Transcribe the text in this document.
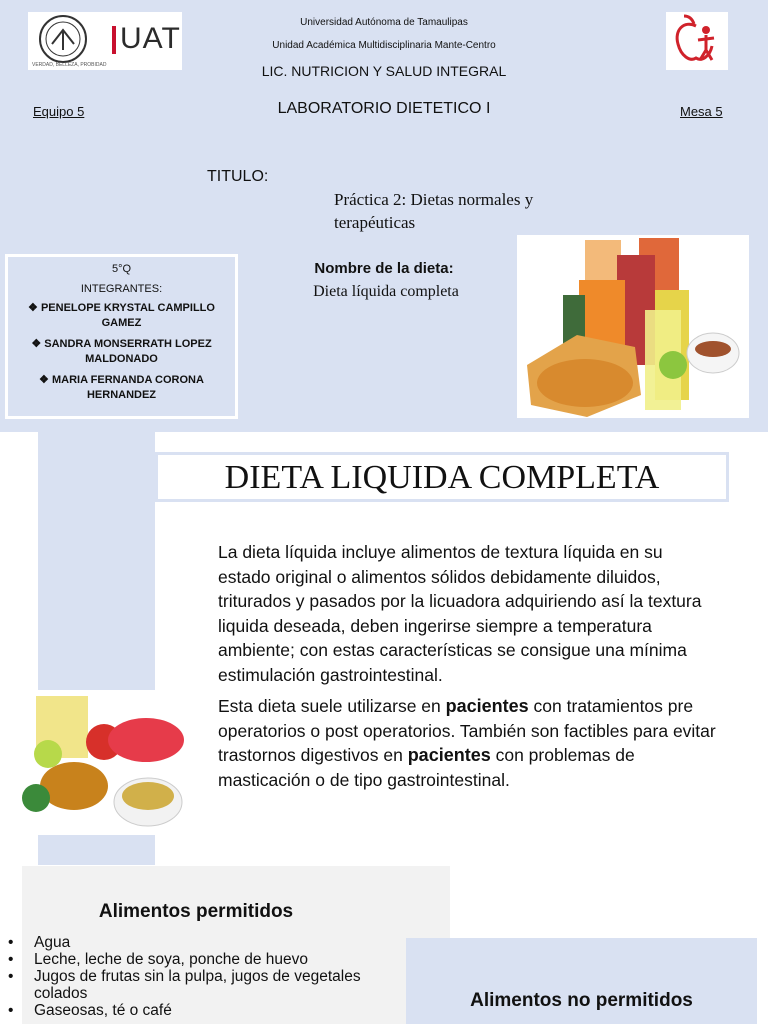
UAT
VERDAD, BELLEZA, PROBIDAD
Universidad Autónoma de Tamaulipas
Unidad Académica Multidisciplinaria Mante-Centro
LIC. NUTRICION Y SALUD INTEGRAL
Equipo 5	LABORATORIO DIETETICO I	Mesa 5
TITULO:
Práctica 2: Dietas normales y terapéuticas
5°Q
INTEGRANTES:
❖ PENELOPE KRYSTAL CAMPILLO GAMEZ
❖ SANDRA MONSERRATH LOPEZ MALDONADO
❖ MARIA FERNANDA CORONA HERNANDEZ
Nombre de la dieta:
Dieta líquida completa
DIETA LIQUIDA COMPLETA
La dieta líquida incluye alimentos de textura líquida en su estado original o alimentos sólidos debidamente diluidos, triturados y pasados por la licuadora adquiriendo así la textura liquida deseada, deben ingerirse siempre a temperatura ambiente; con estas características se consigue una mínima estimulación gastrointestinal.
Esta dieta suele utilizarse en pacientes con tratamientos pre operatorios o post operatorios. También son factibles para evitar trastornos digestivos en pacientes con problemas de masticación o de tipo gastrointestinal.
Alimentos permitidos
• Agua
• Leche, leche de soya, ponche de huevo
• Jugos de frutas sin la pulpa, jugos de vegetales colados
• Gaseosas, té o café	Alimentos no permitidos
